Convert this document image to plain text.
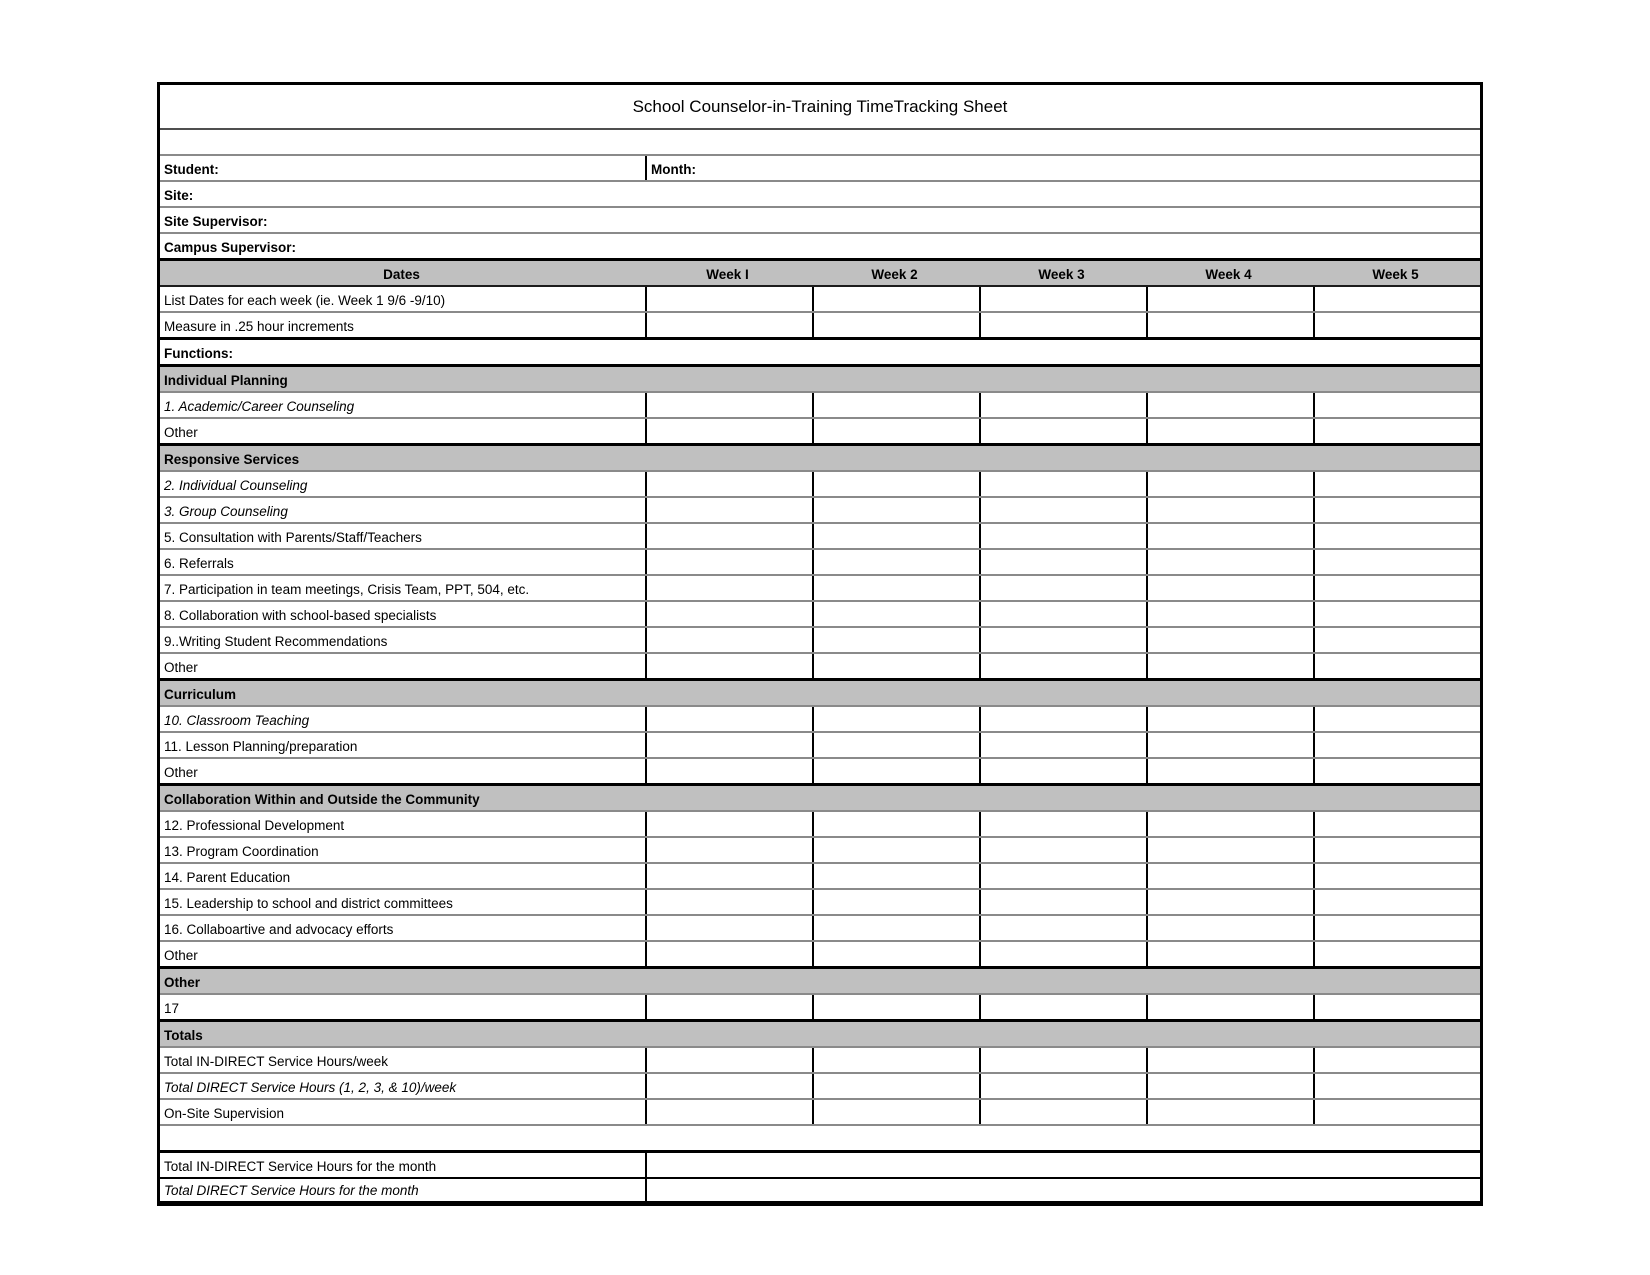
School Counselor-in-Training TimeTracking Sheet
Student:	Month:
Site:
Site Supervisor:
Campus Supervisor:
Dates	Week I	Week 2	Week 3	Week 4	Week 5
List Dates for each week (ie. Week 1 9/6 -9/10)
Measure in .25 hour increments
Functions:
Individual Planning
1. Academic/Career Counseling
Other
Responsive Services
2. Individual Counseling
3. Group Counseling
5. Consultation with Parents/Staff/Teachers
6. Referrals
7. Participation in team meetings, Crisis Team, PPT, 504, etc.
8. Collaboration with school-based specialists
9..Writing Student Recommendations
Other
Curriculum
10. Classroom Teaching
11. Lesson Planning/preparation
Other
Collaboration Within and Outside the Community
12. Professional Development
13. Program Coordination
14. Parent Education
15. Leadership to school and district committees
16. Collaboartive and advocacy efforts
Other
Other
17
Totals
Total IN-DIRECT Service Hours/week
Total DIRECT Service Hours (1, 2, 3, & 10)/week
On-Site Supervision
Total IN-DIRECT Service Hours for the month
Total DIRECT Service Hours for the month
